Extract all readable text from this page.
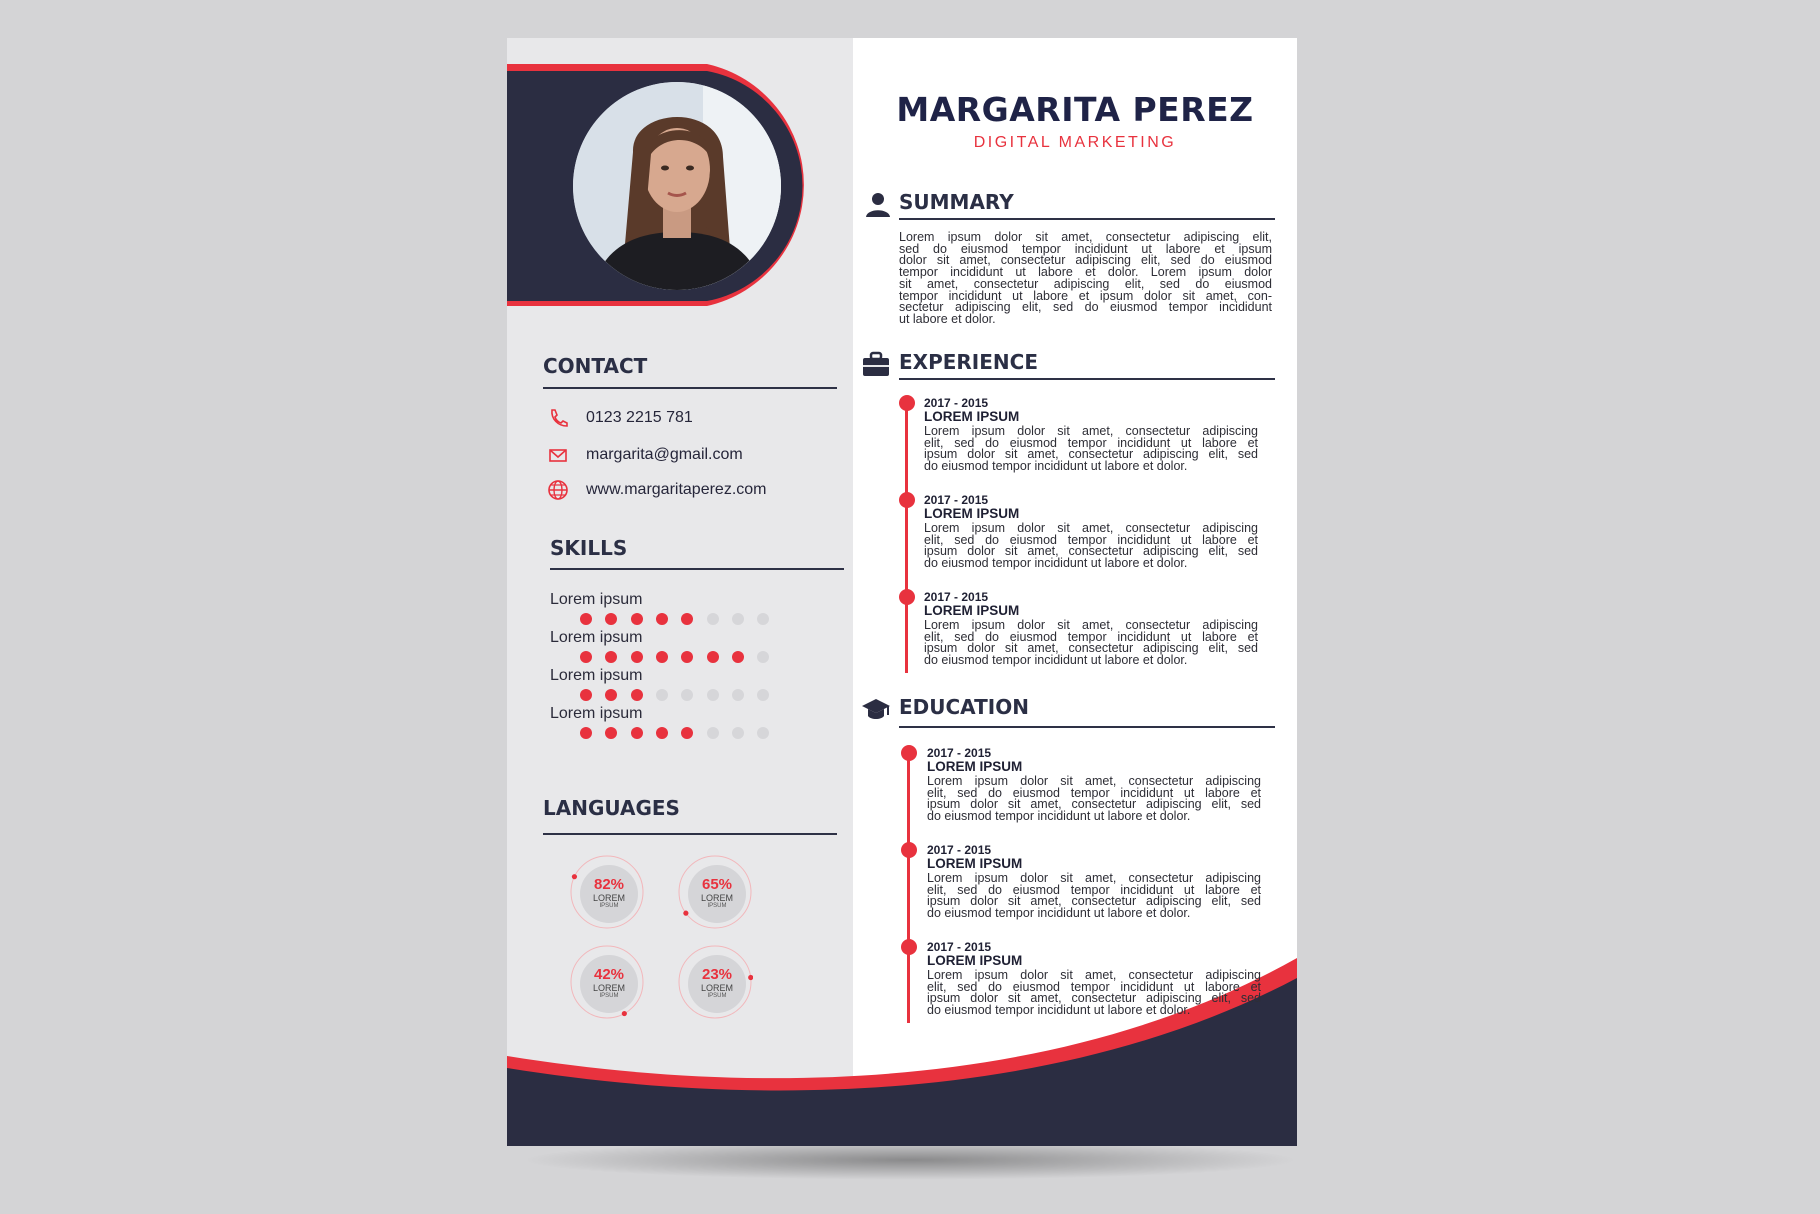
MARGARITA PEREZ
DIGITAL MARKETING
SUMMARY
Lorem ipsum dolor sit amet, consectetur adipiscing elit,
sed do eiusmod tempor incididunt ut labore et ipsum
dolor sit amet, consectetur adipiscing elit, sed do eiusmod
tempor incididunt ut labore et dolor. Lorem ipsum dolor
sit amet, consectetur adipiscing elit, sed do eiusmod
tempor incididunt ut labore et ipsum dolor sit amet, con-
sectetur adipiscing elit, sed do eiusmod tempor incididunt
ut labore et dolor.
EXPERIENCE
2017 - 2015
LOREM IPSUM
Lorem ipsum dolor sit amet, consectetur adipiscing
elit, sed do eiusmod tempor incididunt ut labore et
ipsum dolor sit amet, consectetur adipiscing elit, sed
do eiusmod tempor incididunt ut labore et dolor.
2017 - 2015
LOREM IPSUM
Lorem ipsum dolor sit amet, consectetur adipiscing
elit, sed do eiusmod tempor incididunt ut labore et
ipsum dolor sit amet, consectetur adipiscing elit, sed
do eiusmod tempor incididunt ut labore et dolor.
2017 - 2015
LOREM IPSUM
Lorem ipsum dolor sit amet, consectetur adipiscing
elit, sed do eiusmod tempor incididunt ut labore et
ipsum dolor sit amet, consectetur adipiscing elit, sed
do eiusmod tempor incididunt ut labore et dolor.
EDUCATION
2017 - 2015
LOREM IPSUM
Lorem ipsum dolor sit amet, consectetur adipiscing
elit, sed do eiusmod tempor incididunt ut labore et
ipsum dolor sit amet, consectetur adipiscing elit, sed
do eiusmod tempor incididunt ut labore et dolor.
2017 - 2015
LOREM IPSUM
Lorem ipsum dolor sit amet, consectetur adipiscing
elit, sed do eiusmod tempor incididunt ut labore et
ipsum dolor sit amet, consectetur adipiscing elit, sed
do eiusmod tempor incididunt ut labore et dolor.
2017 - 2015
LOREM IPSUM
Lorem ipsum dolor sit amet, consectetur adipiscing
elit, sed do eiusmod tempor incididunt ut labore et
ipsum dolor sit amet, consectetur adipiscing elit, sed
do eiusmod tempor incididunt ut labore et dolor.
CONTACT
0123 2215 781
margarita@gmail.com
www.margaritaperez.com
SKILLS
Lorem ipsum
Lorem ipsum
Lorem ipsum
Lorem ipsum
LANGUAGES
82%
LOREM
IPSUM
65%
LOREM
IPSUM
42%
LOREM
IPSUM
23%
LOREM
IPSUM
